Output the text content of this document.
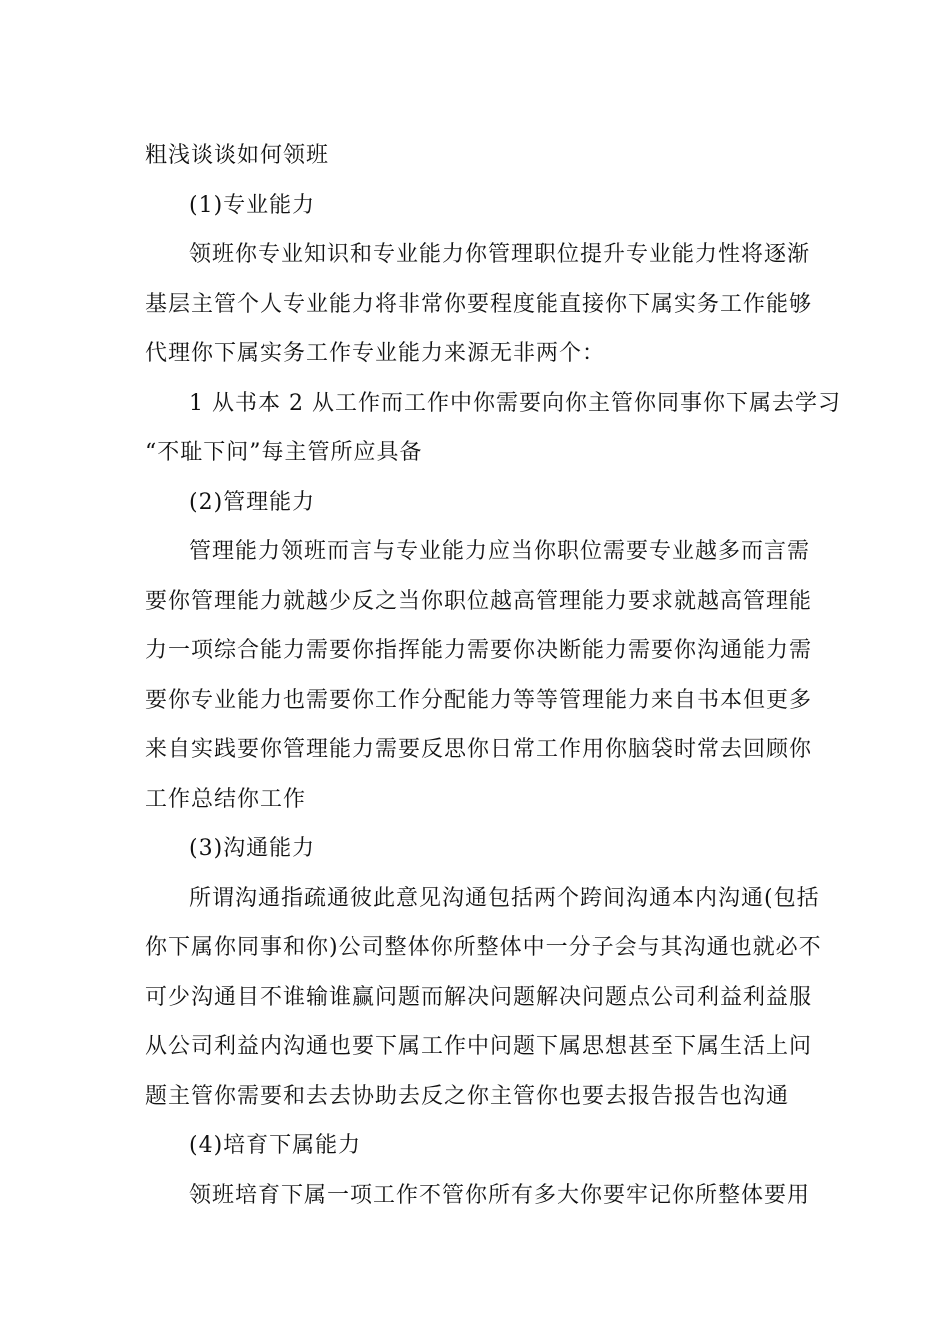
粗浅谈谈如何领班

(1)专业能力

领班你专业知识和专业能力你管理职位提升专业能力性将逐渐

基层主管个人专业能力将非常你要程度能直接你下属实务工作能够

代理你下属实务工作专业能力来源无非两个：

1 从书本 2 从工作而工作中你需要向你主管你同事你下属去学习

“不耻下问”每主管所应具备

(2)管理能力

管理能力领班而言与专业能力应当你职位需要专业越多而言需

要你管理能力就越少反之当你职位越高管理能力要求就越高管理能

力一项综合能力需要你指挥能力需要你决断能力需要你沟通能力需

要你专业能力也需要你工作分配能力等等管理能力来自书本但更多

来自实践要你管理能力需要反思你日常工作用你脑袋时常去回顾你

工作总结你工作

(3)沟通能力

所谓沟通指疏通彼此意见沟通包括两个跨间沟通本内沟通(包括

你下属你同事和你)公司整体你所整体中一分子会与其沟通也就必不

可少沟通目不谁输谁赢问题而解决问题解决问题点公司利益利益服

从公司利益内沟通也要下属工作中问题下属思想甚至下属生活上问

题主管你需要和去去协助去反之你主管你也要去报告报告也沟通

(4)培育下属能力

领班培育下属一项工作不管你所有多大你要牢记你所整体要用
